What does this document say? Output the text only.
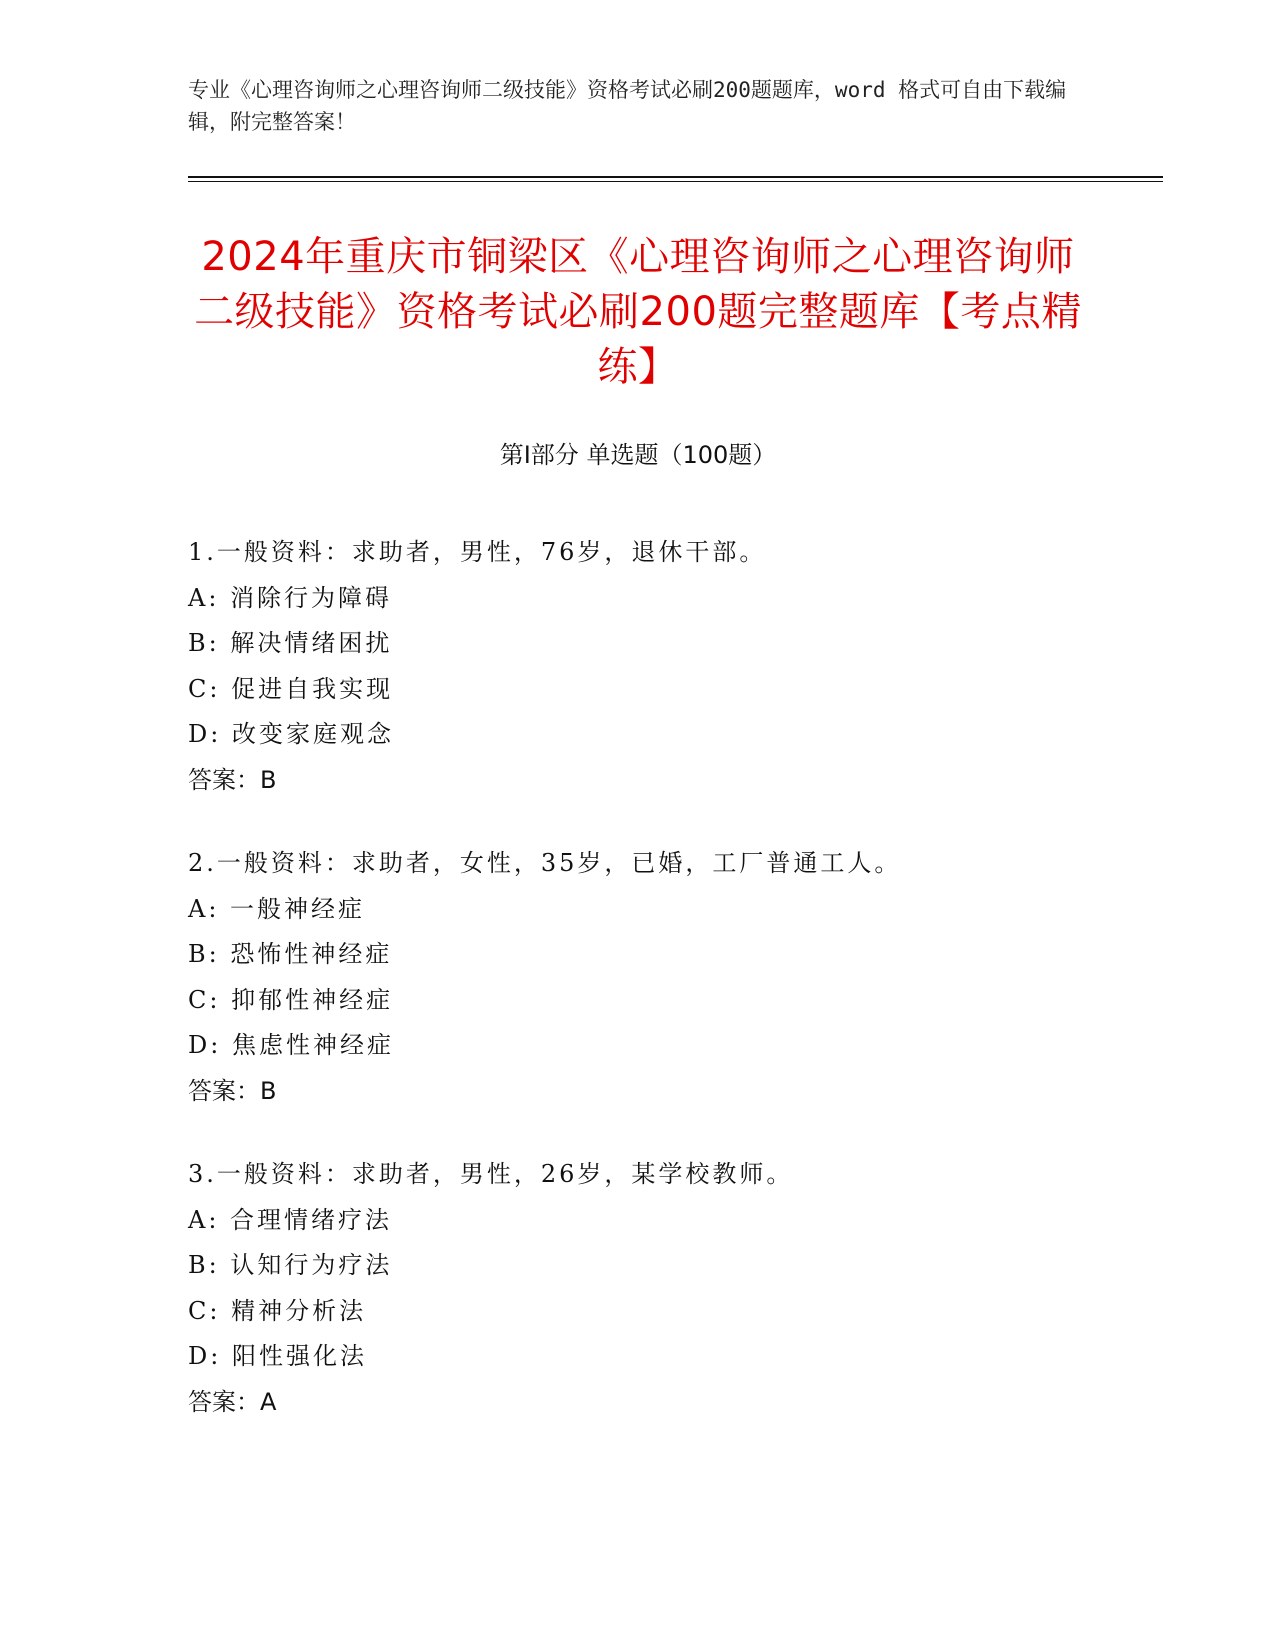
专业《心理咨询师之心理咨询师二级技能》资格考试必刷200题题库，word 格式可自由下载编辑，附完整答案！
2024年重庆市铜梁区《心理咨询师之心理咨询师二级技能》资格考试必刷200题完整题库【考点精练】
第I部分 单选题（100题）
1.一般资料：求助者，男性，76岁，退休干部。
A: 消除行为障碍
B: 解决情绪困扰
C: 促进自我实现
D: 改变家庭观念
答案：B
2.一般资料：求助者，女性，35岁，已婚，工厂普通工人。
A: 一般神经症
B: 恐怖性神经症
C: 抑郁性神经症
D: 焦虑性神经症
答案：B
3.一般资料：求助者，男性，26岁，某学校教师。
A: 合理情绪疗法
B: 认知行为疗法
C: 精神分析法
D: 阳性强化法
答案：A
